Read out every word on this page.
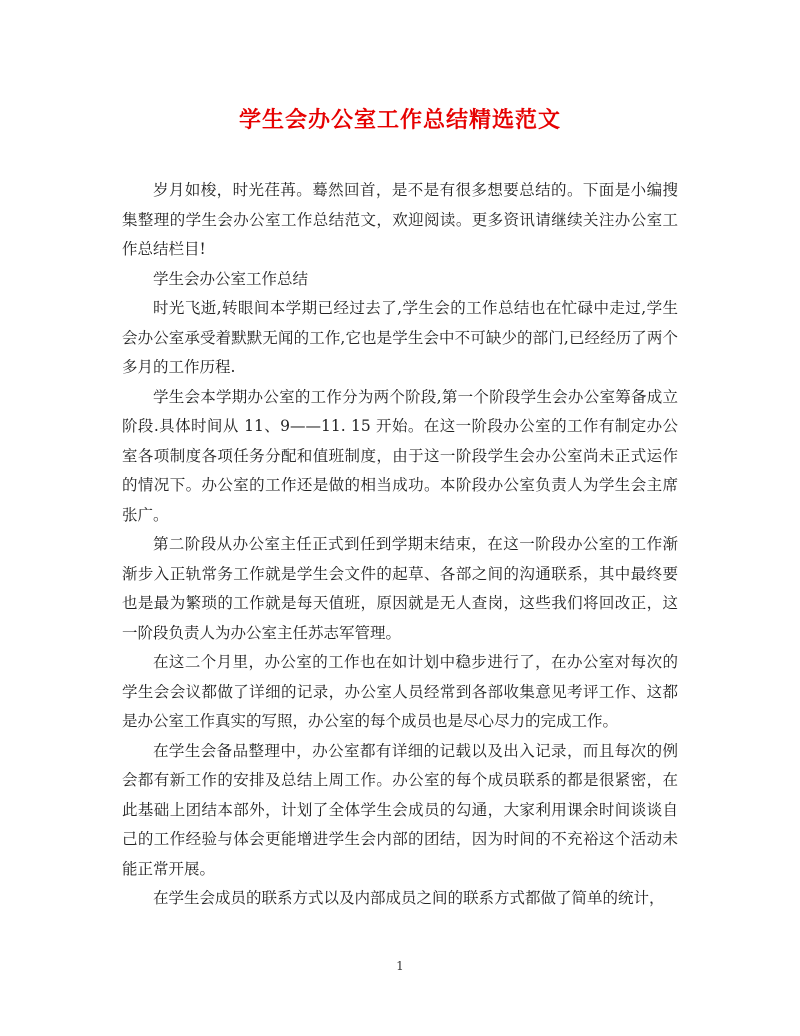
学生会办公室工作总结精选范文

岁月如梭，时光荏苒。蓦然回首，是不是有很多想要总结的。下面是小编搜集整理的学生会办公室工作总结范文，欢迎阅读。更多资讯请继续关注办公室工作总结栏目!

学生会办公室工作总结

时光飞逝,转眼间本学期已经过去了,学生会的工作总结也在忙碌中走过,学生会办公室承受着默默无闻的工作,它也是学生会中不可缺少的部门,已经经历了两个多月的工作历程.

学生会本学期办公室的工作分为两个阶段,第一个阶段学生会办公室筹备成立阶段.具体时间从 11、9——11. 15 开始。在这一阶段办公室的工作有制定办公室各项制度各项任务分配和值班制度，由于这一阶段学生会办公室尚未正式运作的情况下。办公室的工作还是做的相当成功。本阶段办公室负责人为学生会主席张广。

第二阶段从办公室主任正式到任到学期末结束，在这一阶段办公室的工作渐渐步入正轨常务工作就是学生会文件的起草、各部之间的沟通联系，其中最终要也是最为繁琐的工作就是每天值班，原因就是无人查岗，这些我们将回改正，这一阶段负责人为办公室主任苏志军管理。

在这二个月里，办公室的工作也在如计划中稳步进行了，在办公室对每次的学生会会议都做了详细的记录，办公室人员经常到各部收集意见考评工作、这都是办公室工作真实的写照，办公室的每个成员也是尽心尽力的完成工作。

在学生会备品整理中，办公室都有详细的记载以及出入记录，而且每次的例会都有新工作的安排及总结上周工作。办公室的每个成员联系的都是很紧密，在此基础上团结本部外，计划了全体学生会成员的勾通，大家利用课余时间谈谈自己的工作经验与体会更能增进学生会内部的团结，因为时间的不充裕这个活动未能正常开展。

在学生会成员的联系方式以及内部成员之间的联系方式都做了简单的统计，

1
